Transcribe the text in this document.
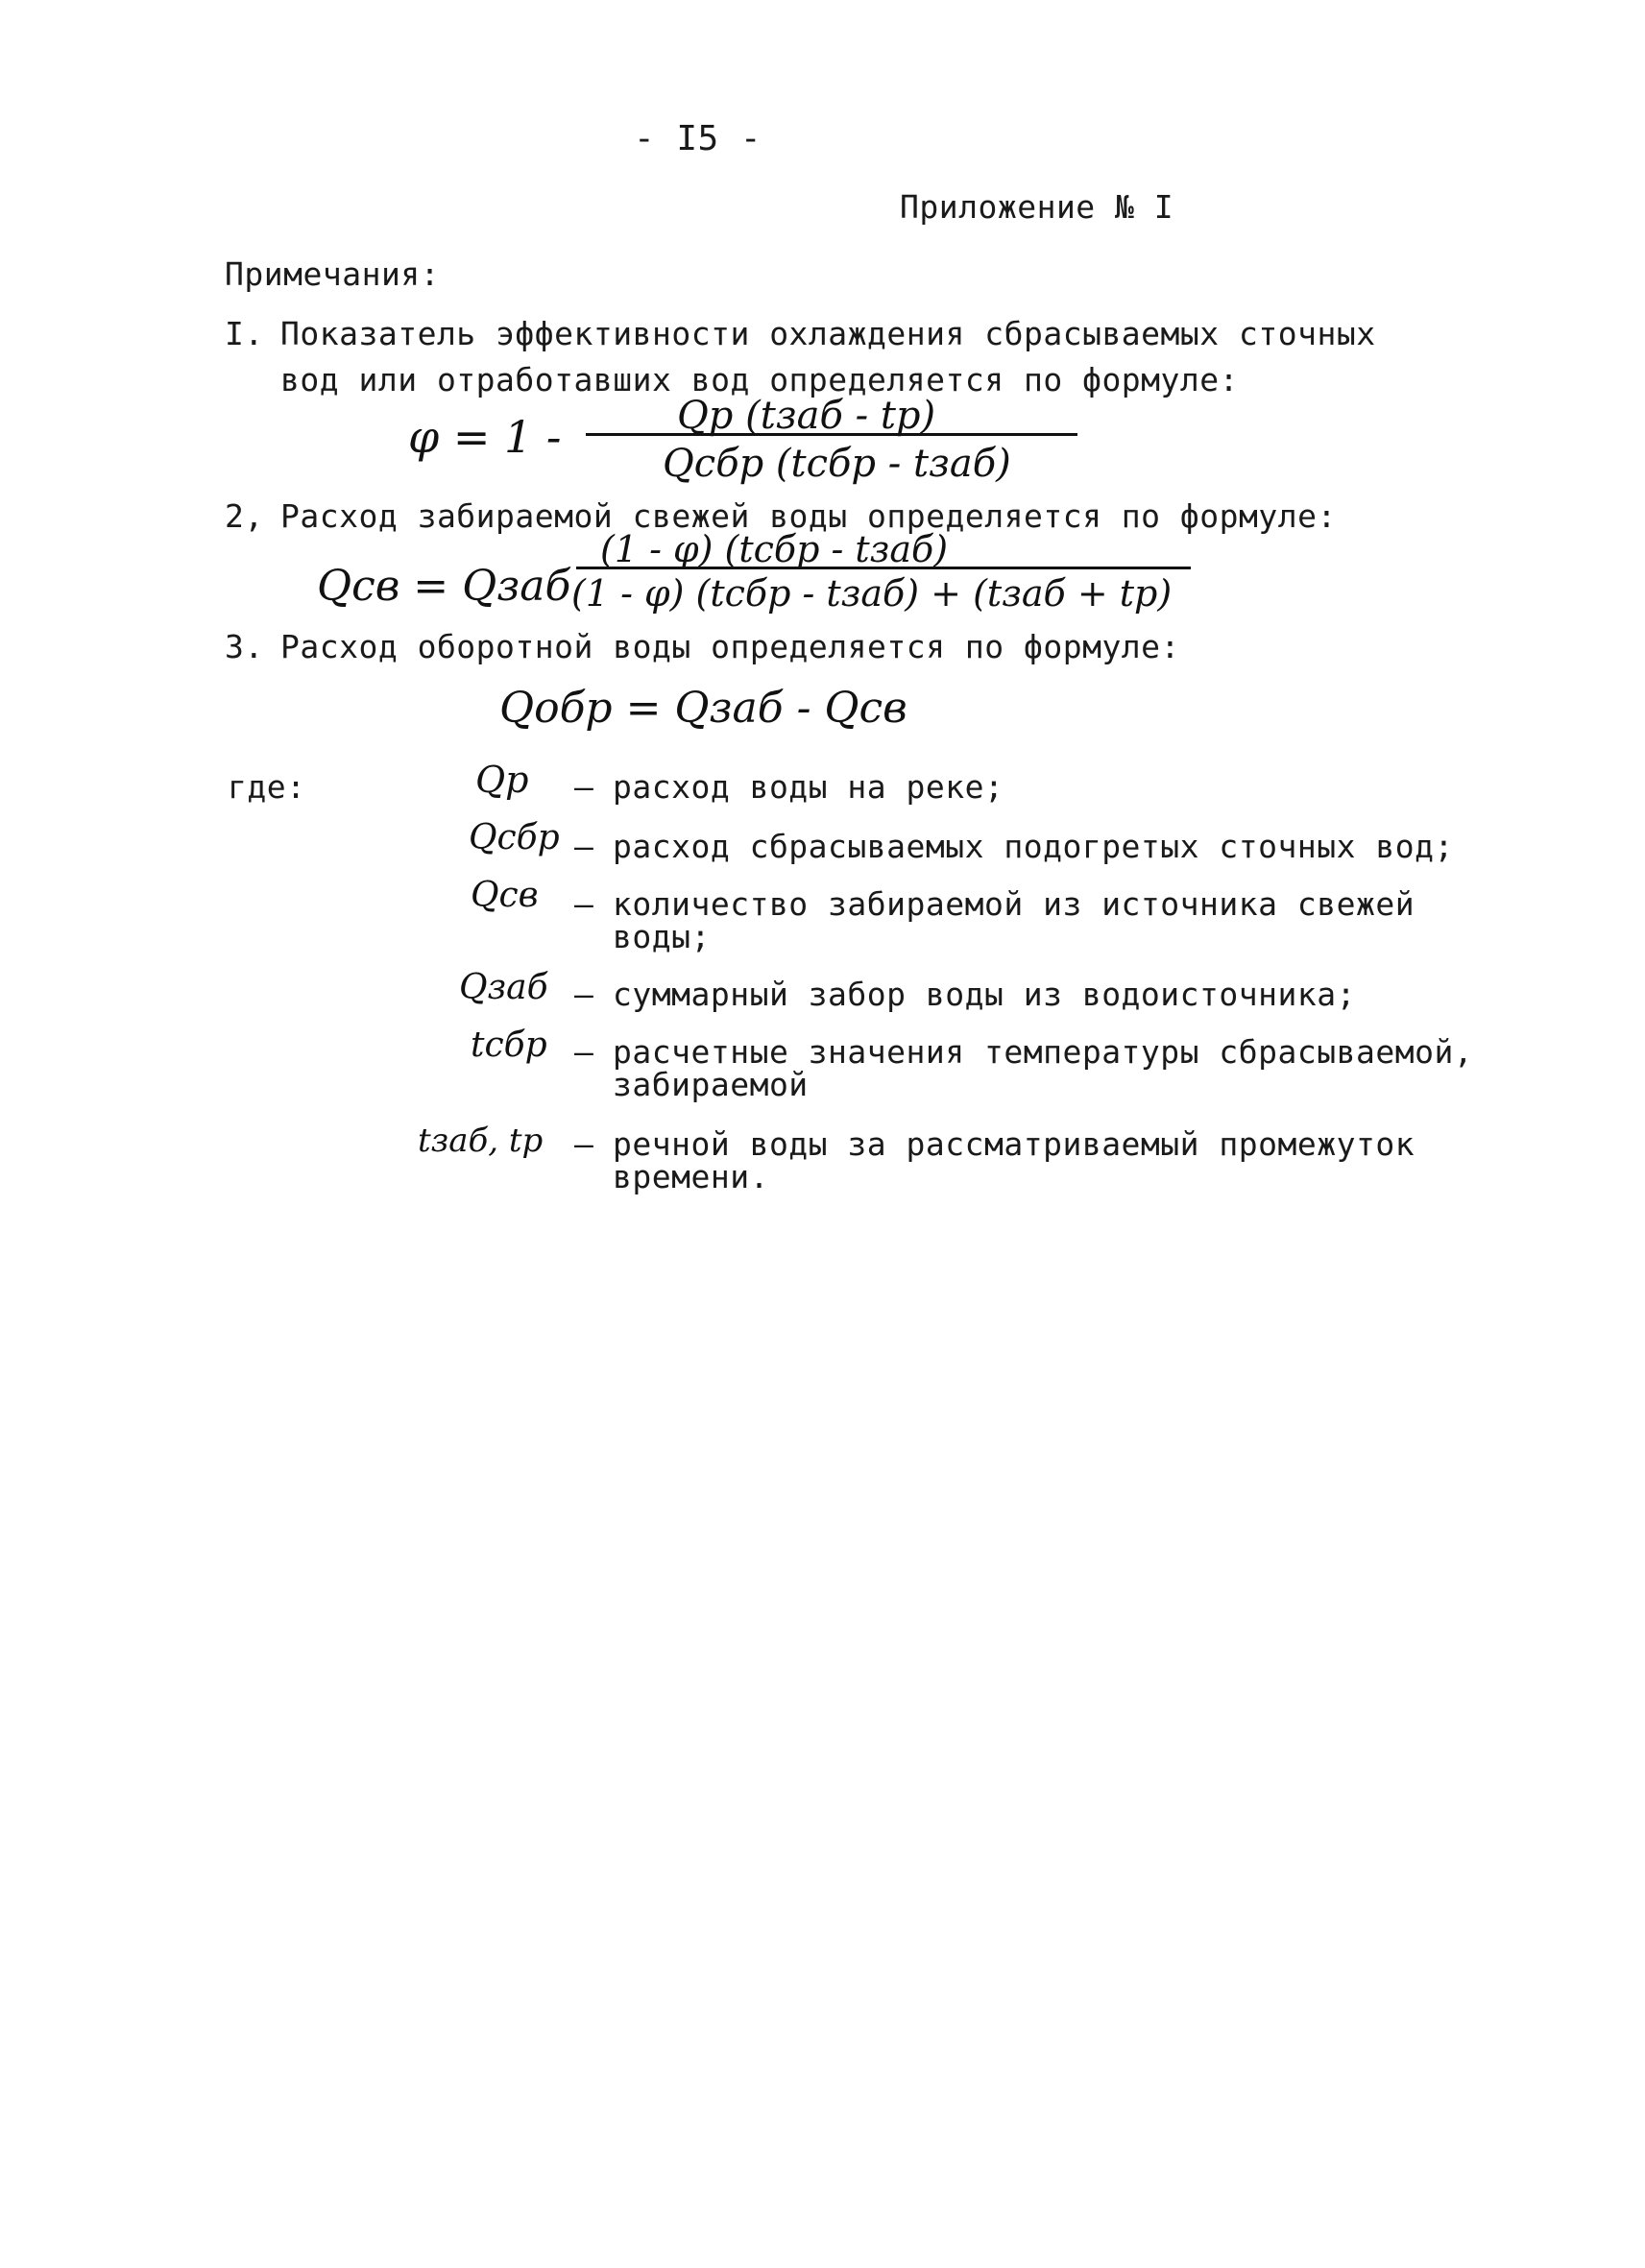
- I5 -
Приложение № I
Примечания:
I. Показатель эффективности охлаждения сбрасываемых сточных
вод или отработавших вод определяется по формуле:
φ = 1 -	Qр (tзаб - tр)
Qсбр (tсбр - tзаб)
2, Расход забираемой свежей воды определяется по формуле:
Qсв = Qзаб
(1 - φ) (tсбр - tзаб)
(1 - φ) (tсбр - tзаб) + (tзаб + tр)
3. Расход оборотной воды определяется по формуле:
Qобр = Qзаб - Qсв
где:	Qр – расход воды на реке;
Qсбр – расход сбрасываемых подогретых сточных вод;
Qсв – количество забираемой из источника свежей
воды;
Qзаб – суммарный забор воды из водоисточника;
tсбр – расчетные значения температуры сбрасываемой,
забираемой
tзаб, tр – речной воды за рассматриваемый промежуток
времени.
